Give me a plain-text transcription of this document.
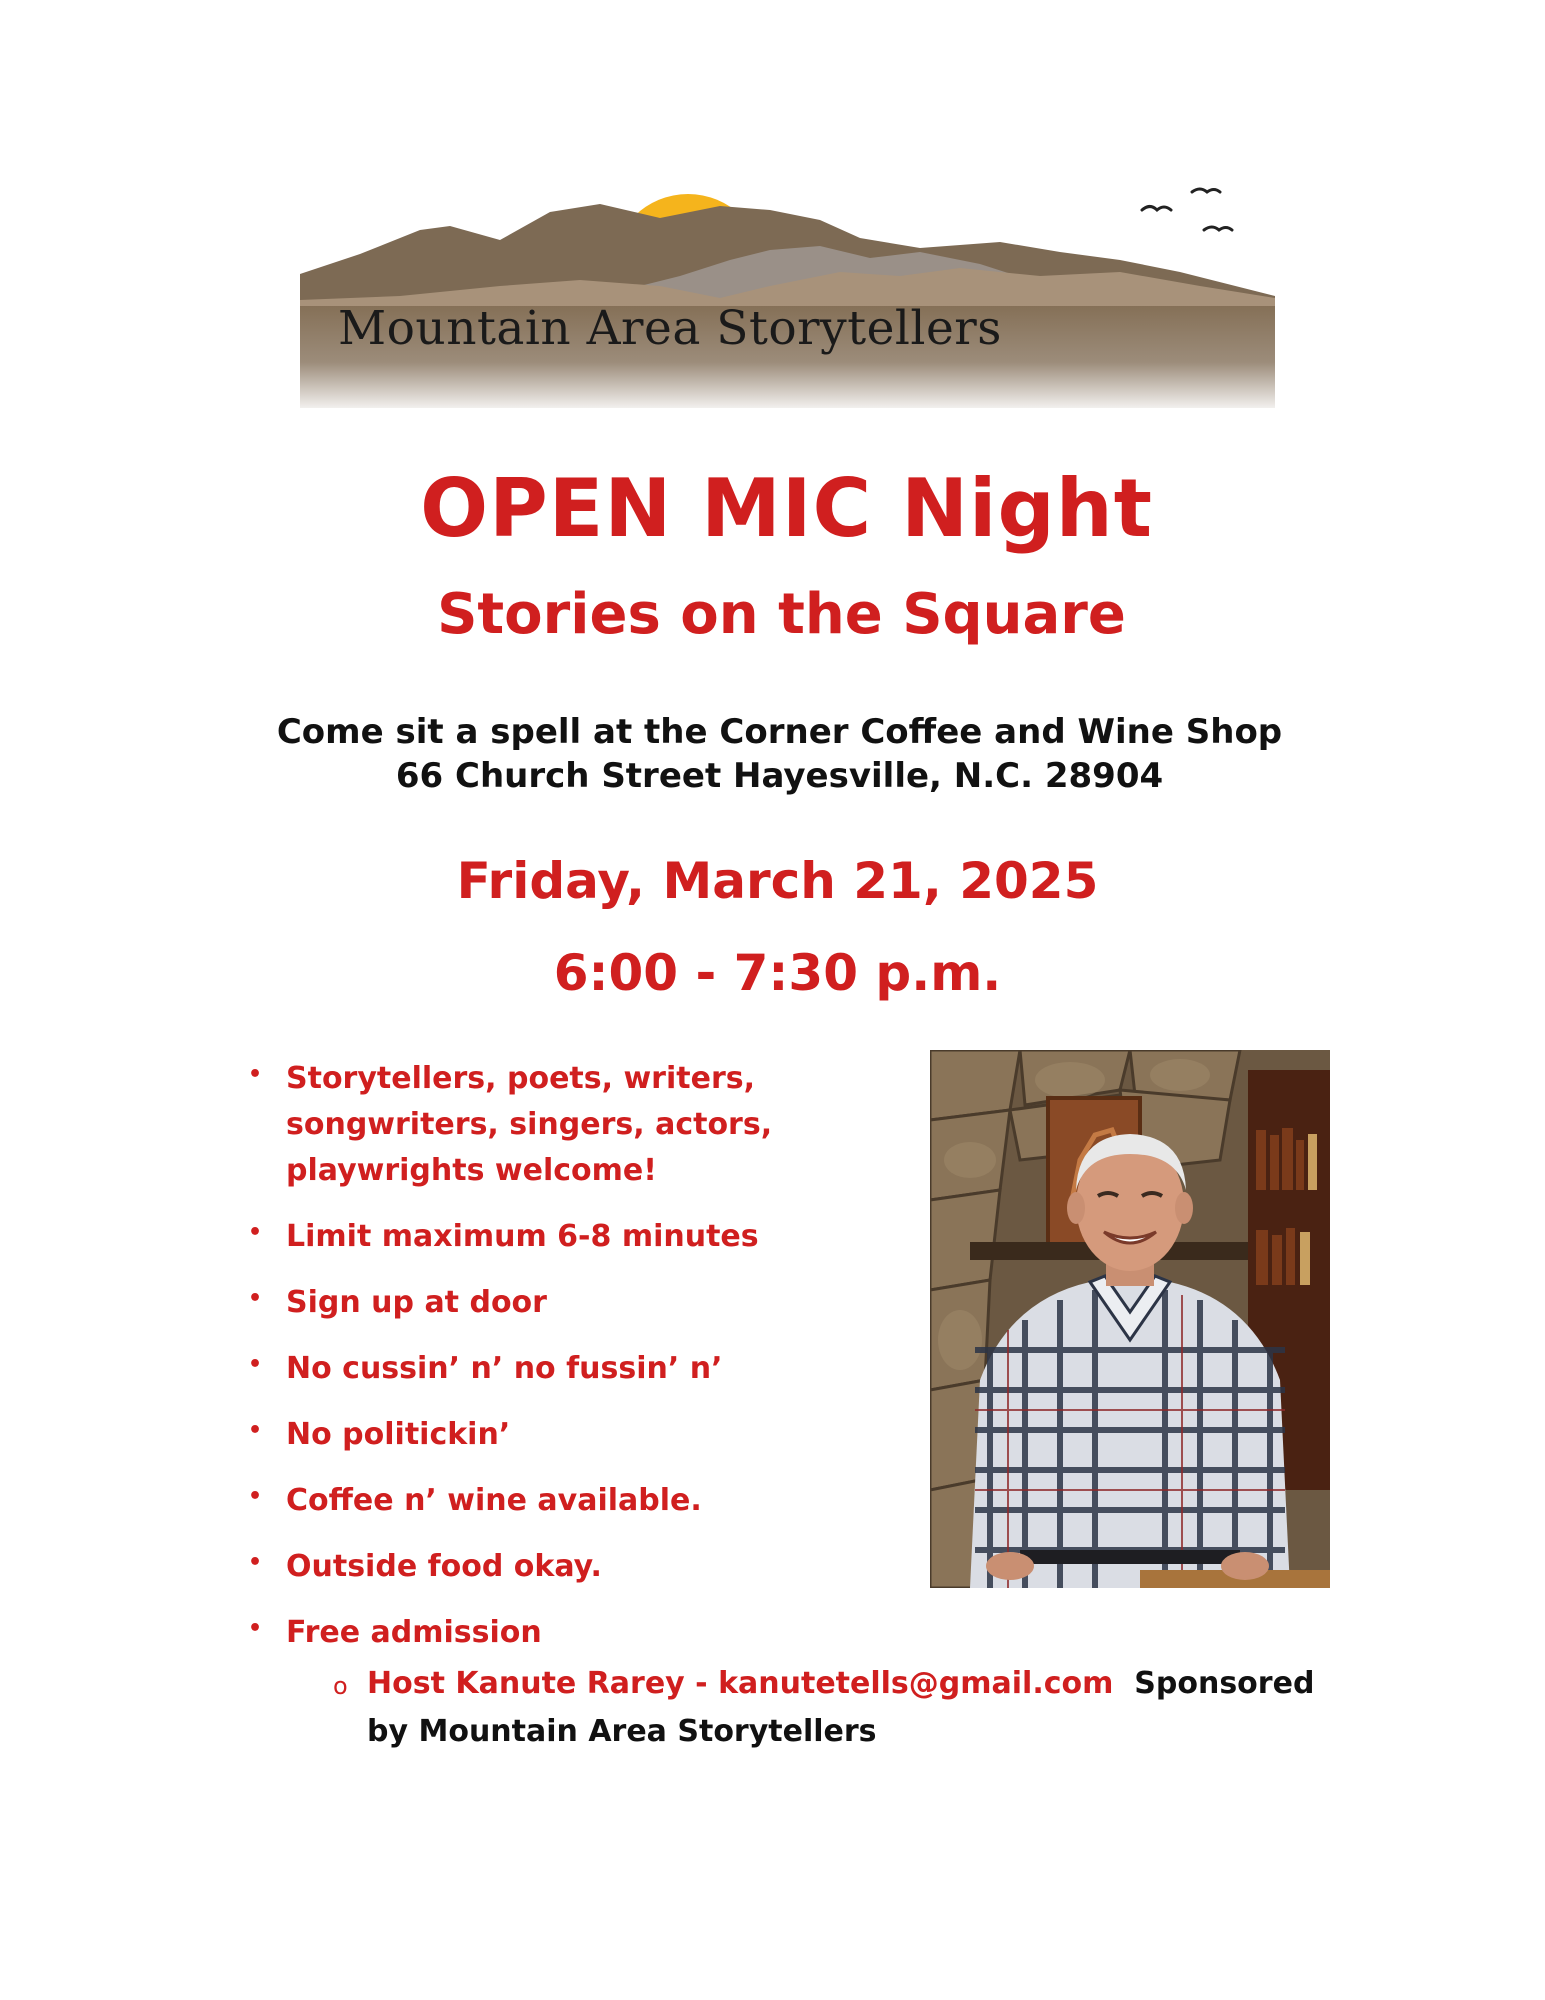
Mountain Area Storytellers
OPEN MIC Night
Stories on the Square
Come sit a spell at the Corner Coffee and Wine Shop
66 Church Street Hayesville, N.C. 28904
Friday, March 21, 2025
6:00 - 7:30 p.m.
• Storytellers, poets, writers, songwriters, singers, actors, playwrights welcome!
• Limit maximum 6-8 minutes
• Sign up at door
• No cussin’ n’ no fussin’ n’
• No politickin’
• Coffee n’ wine available.
• Outside food okay.
• Free admission
o Host Kanute Rarey - kanutetells@gmail.com Sponsored by Mountain Area Storytellers
